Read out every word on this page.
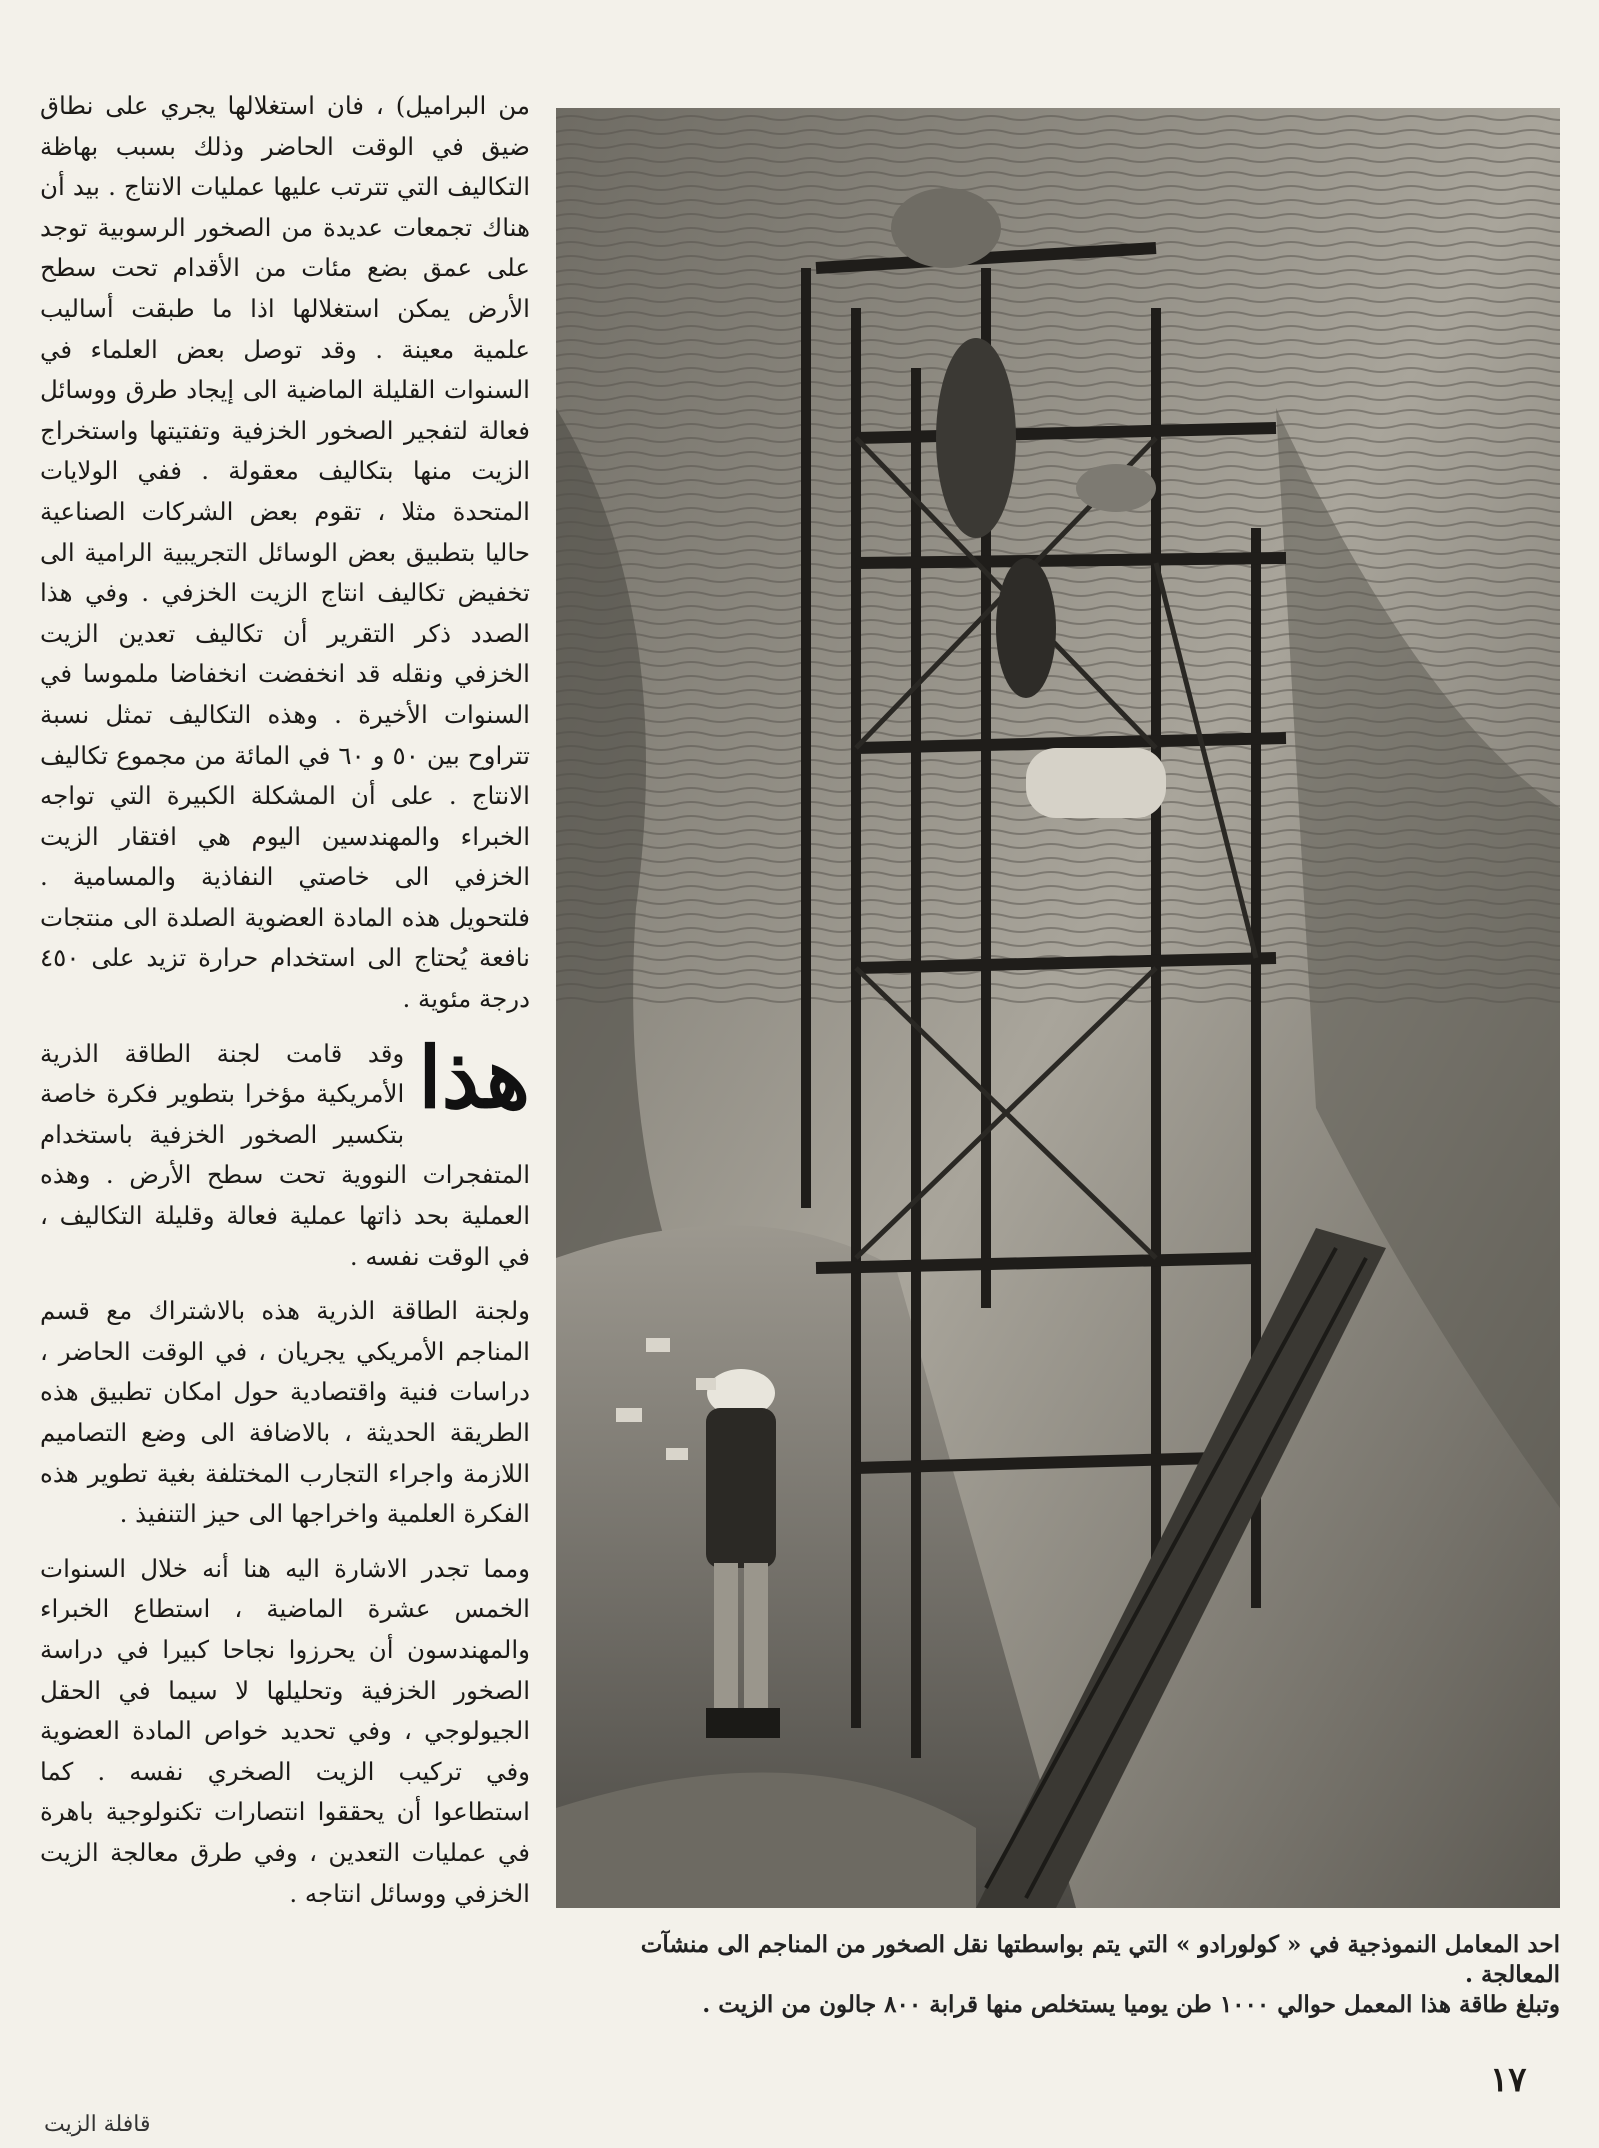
من البراميل) ، فان استغلالها يجري على نطاق ضيق في الوقت الحاضر وذلك بسبب بهاظة التكاليف التي تترتب عليها عمليات الانتاج . بيد أن هناك تجمعات عديدة من الصخور الرسوبية توجد على عمق بضع مئات من الأقدام تحت سطح الأرض يمكن استغلالها اذا ما طبقت أساليب علمية معينة . وقد توصل بعض العلماء في السنوات القليلة الماضية الى إيجاد طرق ووسائل فعالة لتفجير الصخور الخزفية وتفتيتها واستخراج الزيت منها بتكاليف معقولة . ففي الولايات المتحدة مثلا ، تقوم بعض الشركات الصناعية حاليا بتطبيق بعض الوسائل التجريبية الرامية الى تخفيض تكاليف انتاج الزيت الخزفي . وفي هذا الصدد ذكر التقرير أن تكاليف تعدين الزيت الخزفي ونقله قد انخفضت انخفاضا ملموسا في السنوات الأخيرة . وهذه التكاليف تمثل نسبة تتراوح بين ٥٠ و ٦٠ في المائة من مجموع تكاليف الانتاج . على أن المشكلة الكبيرة التي تواجه الخبراء والمهندسين اليوم هي افتقار الزيت الخزفي الى خاصتي النفاذية والمسامية . فلتحويل هذه المادة العضوية الصلدة الى منتجات نافعة يُحتاج الى استخدام حرارة تزيد على ٤٥٠ درجة مئوية .

هذا
وقد قامت لجنة الطاقة الذرية الأمريكية مؤخرا بتطوير فكرة خاصة بتكسير الصخور الخزفية باستخدام المتفجرات النووية تحت سطح الأرض . وهذه العملية بحد ذاتها عملية فعالة وقليلة التكاليف ، في الوقت نفسه .

ولجنة الطاقة الذرية هذه بالاشتراك مع قسم المناجم الأمريكي يجريان ، في الوقت الحاضر ، دراسات فنية واقتصادية حول امكان تطبيق هذه الطريقة الحديثة ، بالاضافة الى وضع التصاميم اللازمة واجراء التجارب المختلفة بغية تطوير هذه الفكرة العلمية واخراجها الى حيز التنفيذ .

ومما تجدر الاشارة اليه هنا أنه خلال السنوات الخمس عشرة الماضية ، استطاع الخبراء والمهندسون أن يحرزوا نجاحا كبيرا في دراسة الصخور الخزفية وتحليلها لا سيما في الحقل الجيولوجي ، وفي تحديد خواص المادة العضوية وفي تركيب الزيت الصخري نفسه . كما استطاعوا أن يحققوا انتصارات تكنولوجية باهرة في عمليات التعدين ، وفي طرق معالجة الزيت الخزفي ووسائل انتاجه .

احد المعامل النموذجية في « كولورادو » التي يتم بواسطتها نقل الصخور من المناجم الى منشآت المعالجة .

وتبلغ طاقة هذا المعمل حوالي ١٠٠٠ طن يوميا يستخلص منها قرابة ٨٠٠ جالون من الزيت .

١٧
قافلة الزيت
